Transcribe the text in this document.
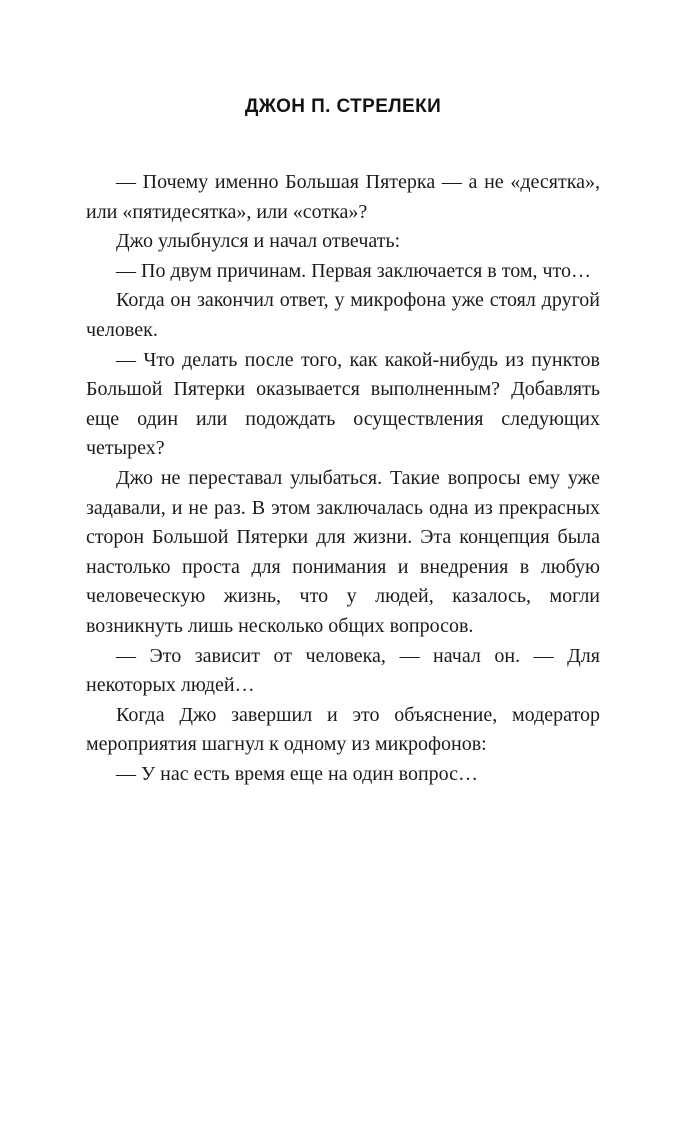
ДЖОН П. СТРЕЛЕКИ

— Почему именно Большая Пятерка — а не «десятка», или «пятидесятка», или «сотка»?

Джо улыбнулся и начал отвечать:

— По двум причинам. Первая заключается в том, что…

Когда он закончил ответ, у микрофона уже стоял другой человек.

— Что делать после того, как какой-нибудь из пунктов Большой Пятерки оказывается выполненным? Добавлять еще один или подождать осуществления следующих четырех?

Джо не переставал улыбаться. Такие вопросы ему уже задавали, и не раз. В этом заключалась одна из прекрасных сторон Большой Пятерки для жизни. Эта концепция была настолько проста для понимания и внедрения в любую человеческую жизнь, что у людей, казалось, могли возникнуть лишь несколько общих вопросов.

— Это зависит от человека, — начал он. — Для некоторых людей…

Когда Джо завершил и это объяснение, модератор мероприятия шагнул к одному из микрофонов:

— У нас есть время еще на один вопрос…
